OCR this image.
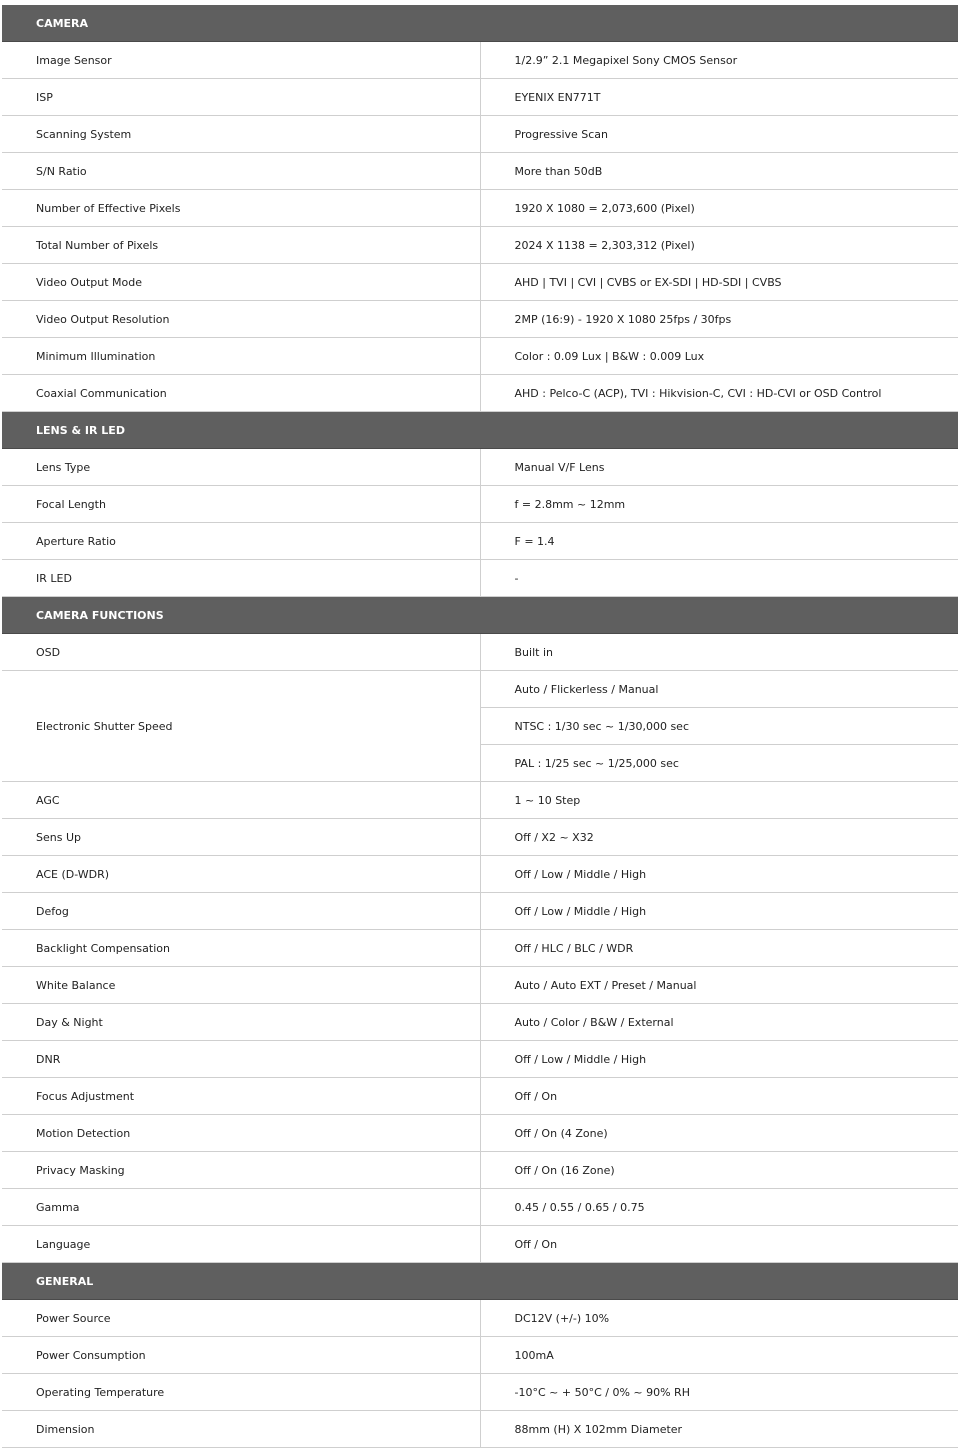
CAMERA	
Image Sensor	1/2.9” 2.1 Megapixel Sony CMOS Sensor
ISP	EYENIX EN771T
Scanning System	Progressive Scan
S/N Ratio	More than 50dB
Number of Effective Pixels	1920 X 1080 = 2,073,600 (Pixel)
Total Number of Pixels	2024 X 1138 = 2,303,312 (Pixel)
Video Output Mode	AHD | TVI | CVI | CVBS or EX-SDI | HD-SDI | CVBS
Video Output Resolution	2MP (16:9) - 1920 X 1080 25fps / 30fps
Minimum Illumination	Color : 0.09 Lux | B&W : 0.009 Lux
Coaxial Communication	AHD : Pelco-C (ACP), TVI : Hikvision-C, CVI : HD-CVI or OSD Control
LENS & IR LED	
Lens Type	Manual V/F Lens
Focal Length	f = 2.8mm ~ 12mm
Aperture Ratio	F = 1.4
IR LED	-
CAMERA FUNCTIONS	
OSD	Built in
Electronic Shutter Speed	Auto / Flickerless / Manual
	NTSC : 1/30 sec ~ 1/30,000 sec
	PAL : 1/25 sec ~ 1/25,000 sec
AGC	1 ~ 10 Step
Sens Up	Off / X2 ~ X32
ACE (D-WDR)	Off / Low / Middle / High
Defog	Off / Low / Middle / High
Backlight Compensation	Off / HLC / BLC / WDR
White Balance	Auto / Auto EXT / Preset / Manual
Day & Night	Auto / Color / B&W / External
DNR	Off / Low / Middle / High
Focus Adjustment	Off / On
Motion Detection	Off / On (4 Zone)
Privacy Masking	Off / On (16 Zone)
Gamma	0.45 / 0.55 / 0.65 / 0.75
Language	Off / On
GENERAL	
Power Source	DC12V (+/-) 10%
Power Consumption	100mA
Operating Temperature	-10°C ~ + 50°C / 0% ~ 90% RH
Dimension	88mm (H) X 102mm Diameter
